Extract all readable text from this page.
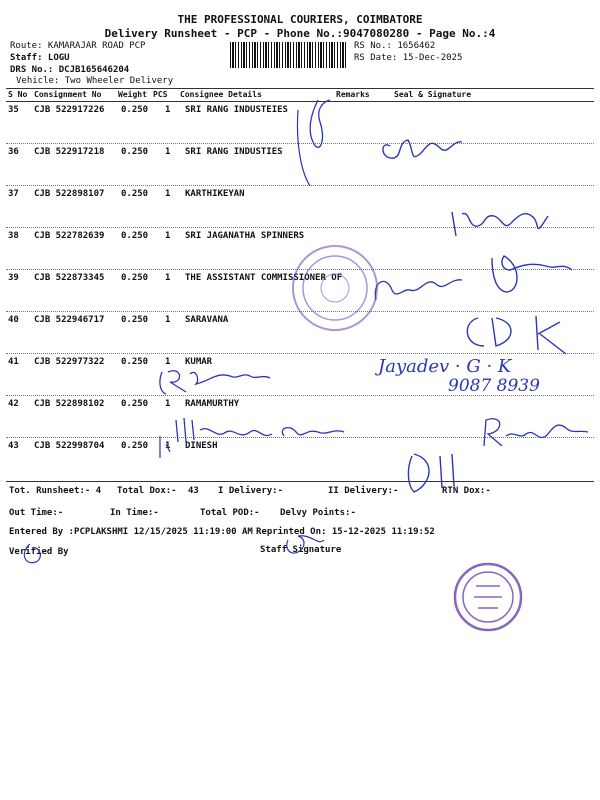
THE PROFESSIONAL COURIERS, COIMBATORE
Delivery Runsheet - PCP - Phone No.:9047080280 - Page No.:4
Route: KAMARAJAR ROAD PCP
Staff: LOGU
DRS No.: DCJB165646204
Vehicle: Two Wheeler Delivery
RS No.: 1656462
RS Date: 15-Dec-2025
S No Consignment No Weight PCS Consignee Details	Remarks	Seal & Signature
35 CJB 522917226 0.250 1 SRI RANG INDUSTEIES
36 CJB 522917218 0.250 1 SRI RANG INDUSTIES
37 CJB 522898107 0.250 1 KARTHIKEYAN
38 CJB 522782639 0.250 1 SRI JAGANATHA SPINNERS
39 CJB 522873345 0.250 1 THE ASSISTANT COMMISSIONER OF
40 CJB 522946717 0.250 1 SARAVANA
41 CJB 522977322 0.250 1 KUMAR
42 CJB 522898102 0.250 1 RAMAMURTHY
43 CJB 522998704 0.250 1 DINESH
Tot. Runsheet:- 4 Total Dox:- 43 I Delivery:-	II Delivery:-	RTN Dox:-
Out Time:-	In Time:-	Total POD:- Delvy Points:-
Entered By :PCPLAKSHMI 12/15/2025 11:19:00 AM Reprinted On: 15-12-2025 11:19:52
Verified By	Staff Signature
Jayadev · G · K
9087 8939
